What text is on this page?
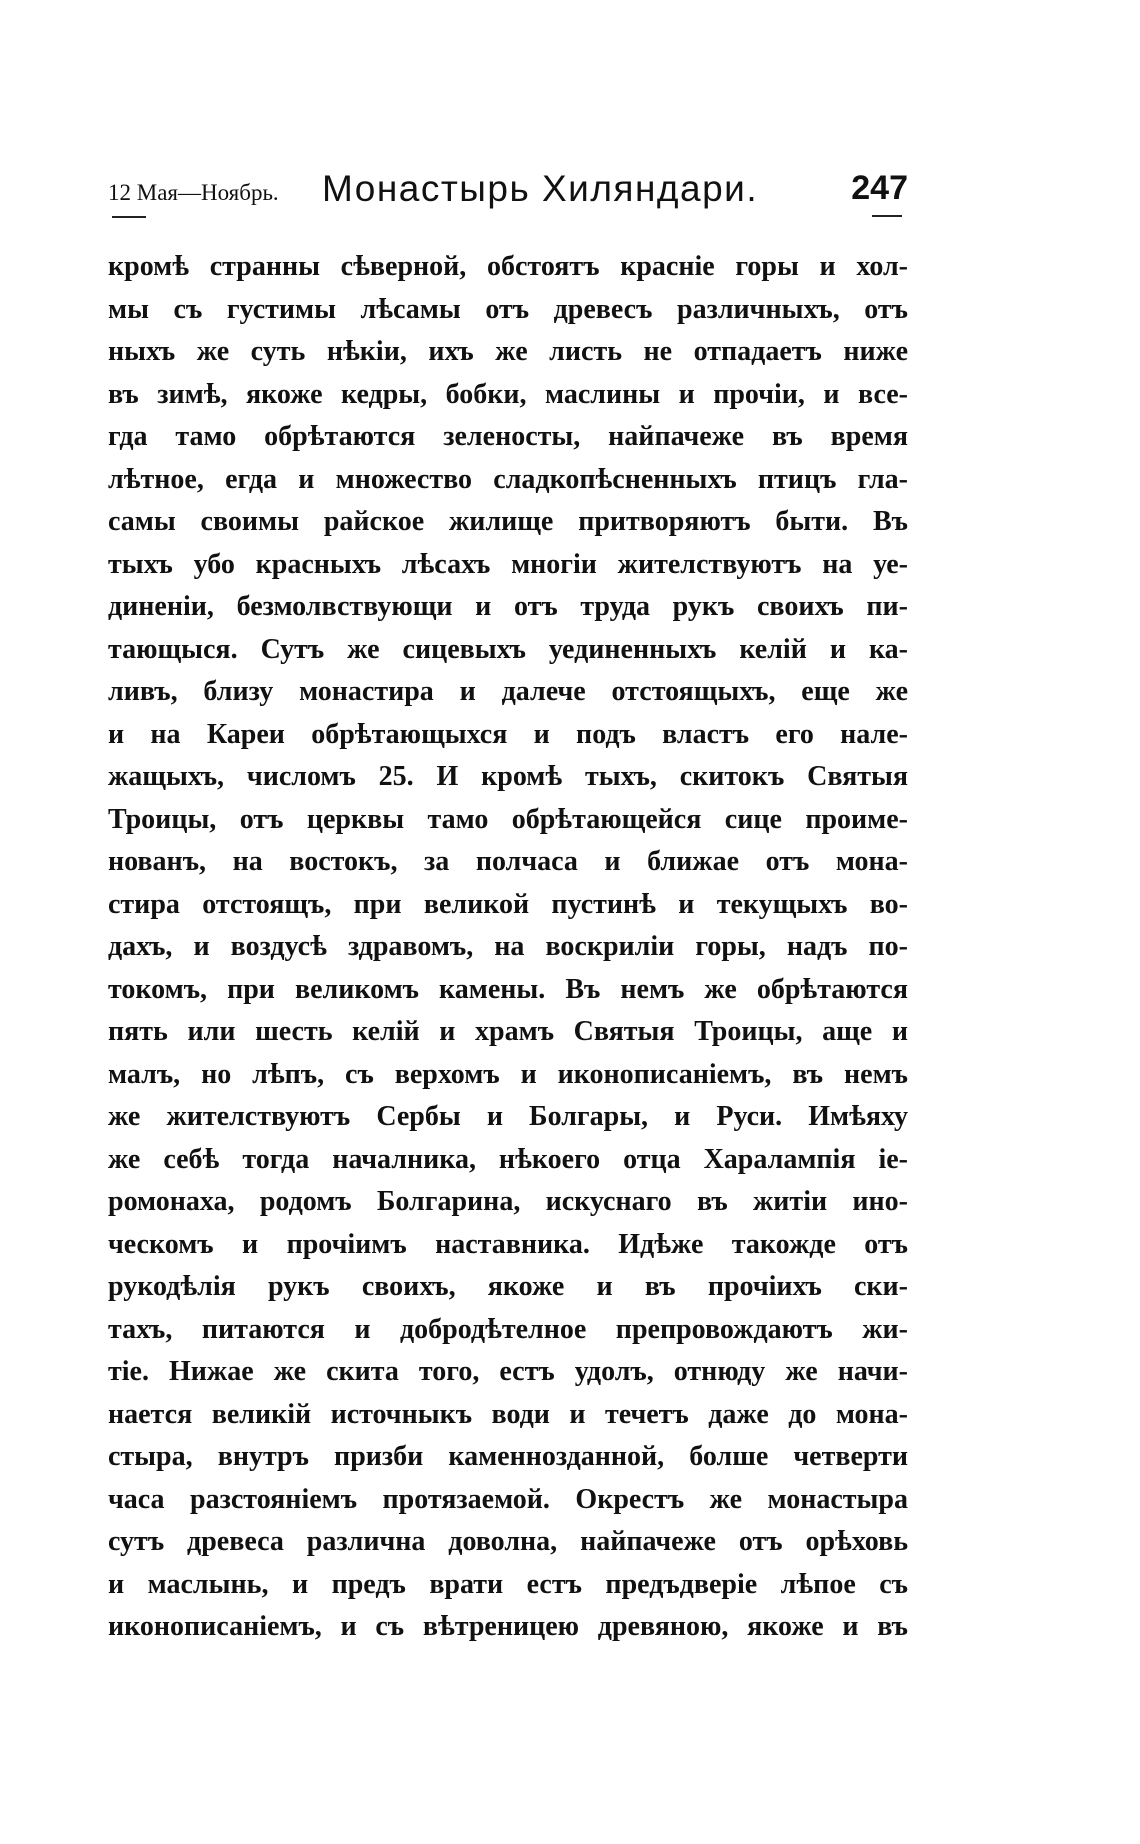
12 Мая—Ноябрь. Монастырь Хиляндари.	247
кромѣ странны сѣверной, обстоятъ красніе горы и хол-
мы съ густимы лѣсамы отъ древесъ различныхъ, отъ
ныхъ же суть нѣкіи, ихъ же листь не отпадаетъ ниже
въ зимѣ, якоже кедры, бобки, маслины и прочіи, и все-
гда тамо обрѣтаются зеленосты, найпачеже въ время
лѣтное, егда и множество сладкопѣсненныхъ птицъ гла-
самы своимы райское жилище притворяютъ быти. Въ
тыхъ убо красныхъ лѣсахъ многіи жителствуютъ на уе-
диненіи, безмолвствующи и отъ труда рукъ своихъ пи-
тающыся. Сутъ же сицевыхъ уединенныхъ келій и ка-
ливъ, близу монастира и далече отстоящыхъ, еще же
и на Кареи обрѣтающыхся и подъ властъ его нале-
жащыхъ, числомъ 25. И кромѣ тыхъ, скитокъ Святыя
Троицы, отъ церквы тамо обрѣтающейся сице проиме-
нованъ, на востокъ, за полчаса и ближае отъ мона-
стира отстоящъ, при великой пустинѣ и текущыхъ во-
дахъ, и воздусѣ здравомъ, на воскриліи горы, надъ по-
токомъ, при великомъ камены. Въ немъ же обрѣтаются
пять или шесть келій и храмъ Святыя Троицы, аще и
малъ, но лѣпъ, съ верхомъ и иконописаніемъ, въ немъ
же жителствуютъ Сербы и Болгары, и Руси. Имѣяху
же себѣ тогда началника, нѣкоего отца Харалампія іе-
ромонаха, родомъ Болгарина, искуснаго въ житіи ино-
ческомъ и прочіимъ наставника. Идѣже такожде отъ
рукодѣлія рукъ своихъ, якоже и въ прочіихъ ски-
тахъ, питаются и добродѣтелное препровождаютъ жи-
тіе. Нижае же скита того, естъ удолъ, отнюду же начи-
нается великій источныкъ води и течетъ даже до мона-
стыра, внутръ призби каменнозданной, болше четверти
часа разстояніемъ протязаемой. Окрестъ же монастыра
сутъ древеса различна доволна, найпачеже отъ орѣховь
и маслынь, и предъ врати естъ предъдверіе лѣпое съ
иконописаніемъ, и съ вѣтреницею древяною, якоже и въ
